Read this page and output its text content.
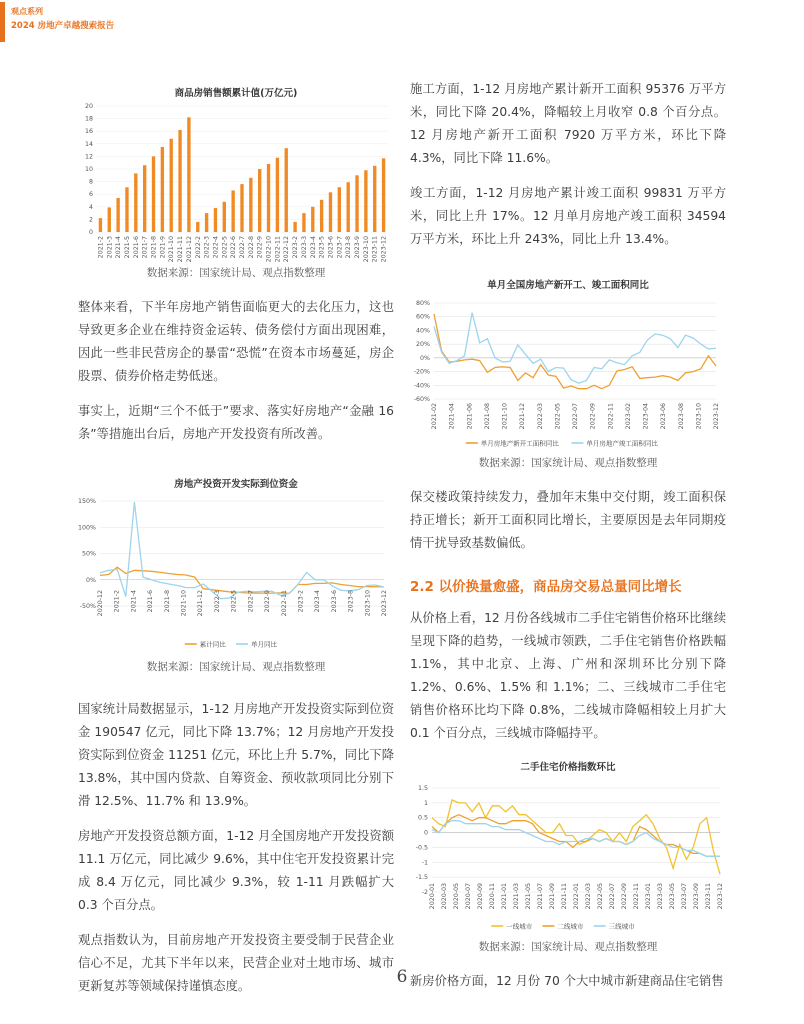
观点系列
2024 房地产卓越搜索报告
商品房销售额累计值(万亿元)
0
2
4
6
8
10
12
14
16
18
20
2021-2 2021-3 2021-4 2021-5 2021-6 2021-7 2021-8 2021-9 2021-10 2021-11 2021-12 2022-2 2022-3 2022-4 2022-5 2022-6 2022-7 2022-8 2022-9 2022-10 2022-11 2022-12 2023-2 2023-3 2023-4 2023-5 2023-6 2023-7 2023-8 2023-9 2023-10 2023-11 2023-12
数据来源：国家统计局、观点指数整理

整体来看，下半年房地产销售面临更大的去化压力，这也导致更多企业在维持资金运转、债务偿付方面出现困难，因此一些非民营房企的暴雷“恐慌”在资本市场蔓延，房企股票、债券价格走势低迷。

事实上，近期“三个不低于”要求、落实好房地产“金融 16 条”等措施出台后，房地产开发投资有所改善。

房地产投资开发实际到位资金
150%
100%
50%
0%
-50% 2020-12 2021-2 2021-4 2021-6 2021-8 2021-10 2021-12 2022-3 2022-5 2022-7 2022-9 2022-11 2023-2 2023-4 2023-6 2023-8 2023-10 2023-12
累计同比	单月同比
数据来源：国家统计局、观点指数整理

国家统计局数据显示，1-12 月房地产开发投资实际到位资金 190547 亿元，同比下降 13.7%；12 月房地产开发投资实际到位资金 11251 亿元，环比上升 5.7%，同比下降 13.8%，其中国内贷款、自筹资金、预收款项同比分别下滑 12.5%、11.7% 和 13.9%。

房地产开发投资总额方面，1-12 月全国房地产开发投资额 11.1 万亿元，同比减少 9.6%，其中住宅开发投资累计完成 8.4 万亿元，同比减少 9.3%，较 1-11 月跌幅扩大 0.3 个百分点。

观点指数认为，目前房地产开发投资主要受制于民营企业信心不足，尤其下半年以来，民营企业对土地市场、城市更新复苏等领域保持谨慎态度。

施工方面，1-12 月房地产累计新开工面积 95376 万平方米，同比下降 20.4%，降幅较上月收窄 0.8 个百分点。12 月房地产新开工面积 7920 万平方米，环比下降 4.3%，同比下降 11.6%。

竣工方面，1-12 月房地产累计竣工面积 99831 万平方米，同比上升 17%。12 月单月房地产竣工面积 34594 万平方米，环比上升 243%，同比上升 13.4%。

单月全国房地产新开工、竣工面积同比
80%
60%
40%
20%
0%
-20%
-40%
-60%
2021-02 2021-04 2021-06 2021-08 2021-10 2021-12 2022-03 2022-05 2022-07 2022-09 2022-11 2023-02 2023-04 2023-06 2023-08 2023-10 2023-12
单月房地产新开工面积同比	单月房地产竣工面积同比
数据来源：国家统计局、观点指数整理

保交楼政策持续发力，叠加年末集中交付期，竣工面积保持正增长；新开工面积同比增长，主要原因是去年同期疫情干扰导致基数偏低。

2.2 以价换量愈盛，商品房交易总量同比增长

从价格上看，12 月份各线城市二手住宅销售价格环比继续呈现下降的趋势，一线城市领跌，二手住宅销售价格跌幅 1.1%，其中北京、上海、广州和深圳环比分别下降 1.2%、0.6%、1.5% 和 1.1%；二、三线城市二手住宅销售价格环比均下降 0.8%，二线城市降幅相较上月扩大 0.1 个百分点，三线城市降幅持平。

二手住宅价格指数环比
1.5
1
0.5
0
-0.5
-1
-1.5
-2 2020-01 2020-03 2020-05 2020-07 2020-09 2020-11 2021-01 2021-03 2021-05 2021-07 2021-09 2021-11 2022-01 2022-03 2022-05 2022-07 2022-09 2022-11 2023-01 2023-03 2023-05 2023-07 2023-09 2023-11 2023-12
一线城市	二线城市	三线城市
数据来源：国家统计局、观点指数整理

新房价格方面，12 月份 70 个大中城市新建商品住宅销售

6
